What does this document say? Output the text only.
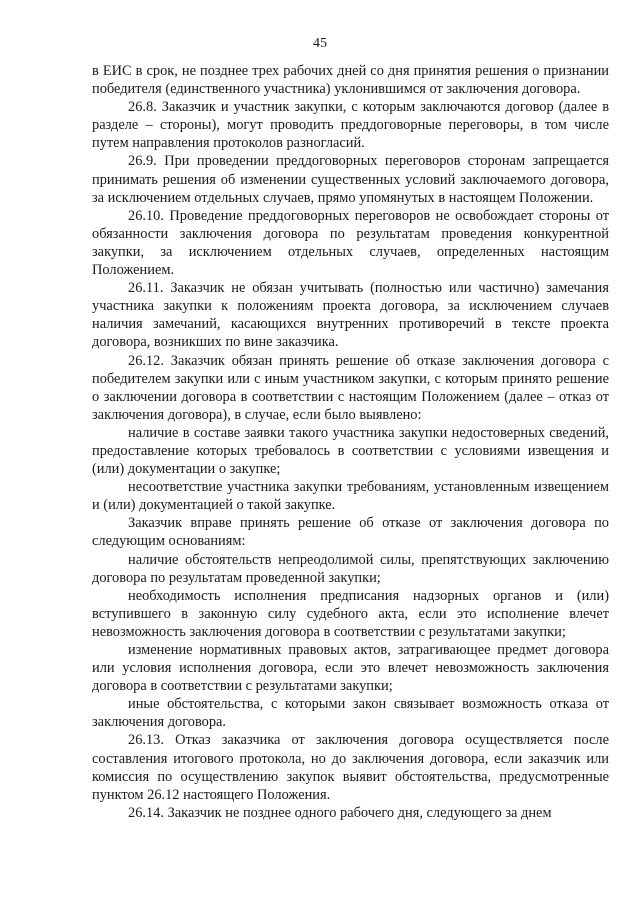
45

в ЕИС в срок, не позднее трех рабочих дней со дня принятия решения о признании победителя (единственного участника) уклонившимся от заключения договора.

26.8. Заказчик и участник закупки, с которым заключаются договор (далее в разделе – стороны), могут проводить преддоговорные переговоры, в том числе путем направления протоколов разногласий.

26.9. При проведении преддоговорных переговоров сторонам запрещается принимать решения об изменении существенных условий заключаемого договора, за исключением отдельных случаев, прямо упомянутых в настоящем Положении.

26.10. Проведение преддоговорных переговоров не освобождает стороны от обязанности заключения договора по результатам проведения конкурентной закупки, за исключением отдельных случаев, определенных настоящим Положением.

26.11. Заказчик не обязан учитывать (полностью или частично) замечания участника закупки к положениям проекта договора, за исключением случаев наличия замечаний, касающихся внутренних противоречий в тексте проекта договора, возникших по вине заказчика.

26.12. Заказчик обязан принять решение об отказе заключения договора с победителем закупки или с иным участником закупки, с которым принято решение о заключении договора в соответствии с настоящим Положением (далее – отказ от заключения договора), в случае, если было выявлено:

наличие в составе заявки такого участника закупки недостоверных сведений, предоставление которых требовалось в соответствии с условиями извещения и (или) документации о закупке;

несоответствие участника закупки требованиям, установленным извещением и (или) документацией о такой закупке.

Заказчик вправе принять решение об отказе от заключения договора по следующим основаниям:

наличие обстоятельств непреодолимой силы, препятствующих заключению договора по результатам проведенной закупки;

необходимость исполнения предписания надзорных органов и (или) вступившего в законную силу судебного акта, если это исполнение влечет невозможность заключения договора в соответствии с результатами закупки;

изменение нормативных правовых актов, затрагивающее предмет договора или условия исполнения договора, если это влечет невозможность заключения договора в соответствии с результатами закупки;

иные обстоятельства, с которыми закон связывает возможность отказа от заключения договора.

26.13. Отказ заказчика от заключения договора осуществляется после составления итогового протокола, но до заключения договора, если заказчик или комиссия по осуществлению закупок выявит обстоятельства, предусмотренные пунктом 26.12 настоящего Положения.

26.14. Заказчик не позднее одного рабочего дня, следующего за днем
